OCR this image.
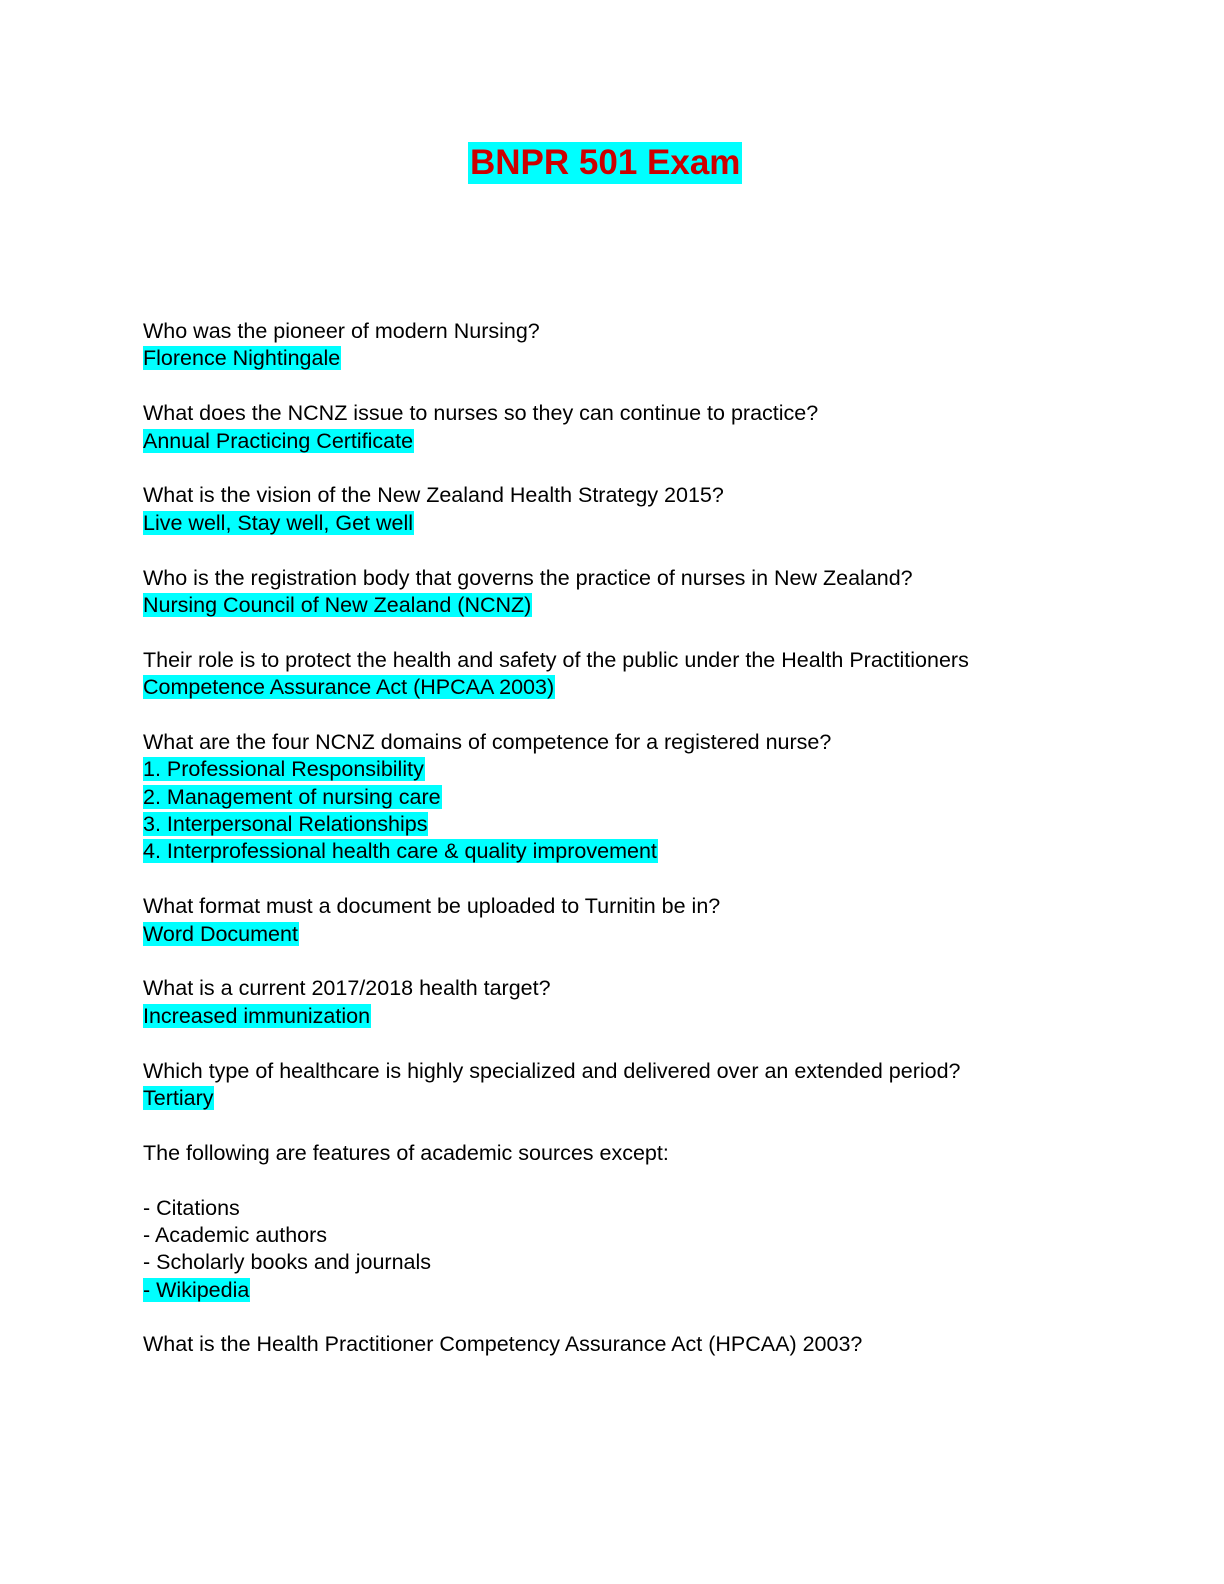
BNPR 501 Exam
Who was the pioneer of modern Nursing?
Florence Nightingale
What does the NCNZ issue to nurses so they can continue to practice?
Annual Practicing Certificate
What is the vision of the New Zealand Health Strategy 2015?
Live well, Stay well, Get well
Who is the registration body that governs the practice of nurses in New Zealand?
Nursing Council of New Zealand (NCNZ)
Their role is to protect the health and safety of the public under the Health Practitioners
Competence Assurance Act (HPCAA 2003)
What are the four NCNZ domains of competence for a registered nurse?
1. Professional Responsibility
2. Management of nursing care
3. Interpersonal Relationships
4. Interprofessional health care & quality improvement
What format must a document be uploaded to Turnitin be in?
Word Document
What is a current 2017/2018 health target?
Increased immunization
Which type of healthcare is highly specialized and delivered over an extended period?
Tertiary
The following are features of academic sources except:
- Citations
- Academic authors
- Scholarly books and journals
- Wikipedia
What is the Health Practitioner Competency Assurance Act (HPCAA) 2003?
